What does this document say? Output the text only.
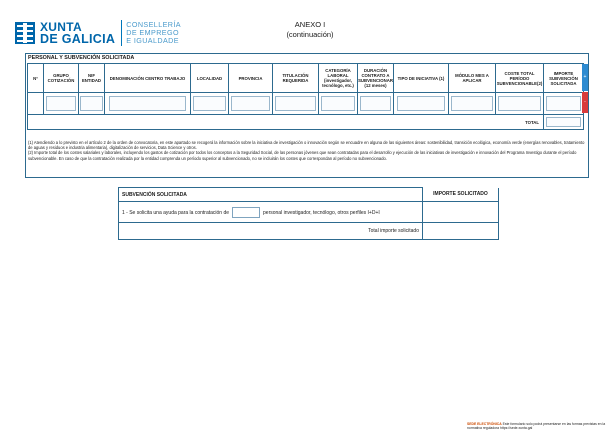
XUNTA
DE GALICIA
CONSELLERÍA
DE EMPREGO
E IGUALDADE
ANEXO I
(continuación)
PERSONAL Y SUBVENCIÓN SOLICITADA
Nº	GRUPO COTIZACIÓN	NIF ENTIDAD	DENOMINACIÓN CENTRO TRABAJO	LOCALIDAD	PROVINCIA	TITULACIÓN REQUERIDA	CATEGORÍA LABORAL (investigador, tecnólogo, etc.)	DURACIÓN CONTRATO A SUBVENCIONAR (12 meses)	TIPO DE INICIATIVA (1)	MÓDULO MES A APLICAR	COSTE TOTAL PERÍODO SUBVENCIONABLE(2)	IMPORTE SUBVENCIÓN SOLICITADA

TOTAL												
+
-
(1) Atendiendo a lo previsto en el artículo 2 de la orden de convocatoria, en este apartado se recogerá la información sobre la iniciativa de investigación o innovación según se encuadre en alguna de las siguientes áreas: sostenibilidad, transición ecológica, economía verde (energías renovables, tratamiento de aguas y residuos e industria alimentaria), digitalización de servicios, Data Science y otros.
(2) Importe total de los costes salariales y laborales, incluyendo los gastos de cotización por todos los conceptos a la Seguridad Social, de las personas jóvenes que sean contratadas para el desarrollo y ejecución de las iniciativas de investigación e innovación del Programa Investigo durante el período subvencionable. En caso de que la contratación realizada por la entidad comprenda un período superior al subvencionado, no se incluirán los costes que correspondan al período no subvencionado.
SUBVENCIÓN SOLICITADA	IMPORTE SOLICITADO
1 - Se solicita una ayuda para la contratación de personal investigador, tecnólogo, otros perfiles I+D+I	
Total importe solicitado	
SEDE ELECTRÓNICA Este formulario solo podrá presentarse en las formas previstas en la normativa reguladora https://sede.xunta.gal
